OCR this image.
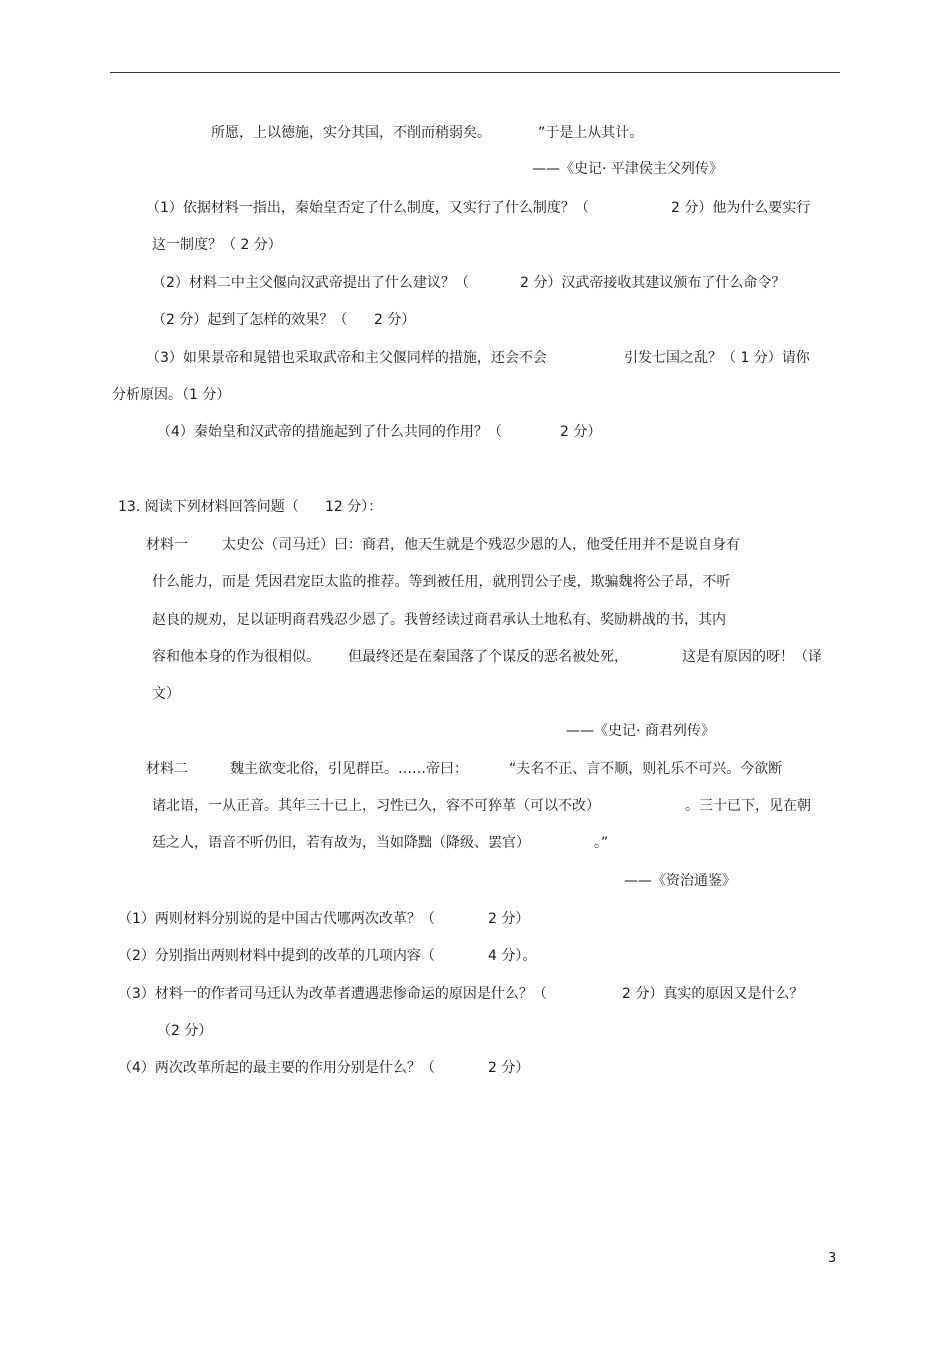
所愿，上以德施，实分其国，不削而稍弱矣。	”于是上从其计。
——《史记· 平津侯主父列传》
（1）依据材料一指出，秦始皇否定了什么制度，又实行了什么制度？（	2 分）他为什么要实行
这一制度？（ 2 分）
（2）材料二中主父偃向汉武帝提出了什么建议？（	2 分）汉武帝接收其建议颁布了什么命令？
（2 分）起到了怎样的效果？（ 2 分）
（3）如果景帝和晁错也采取武帝和主父偃同样的措施，还会不会	引发七国之乱？（ 1 分）请你
分析原因。（1 分）
（4）秦始皇和汉武帝的措施起到了什么共同的作用？（	2 分）
13. 阅读下列材料回答问题（ 12 分）：
材料一 太史公（司马迁）曰：商君，他天生就是个残忍少恩的人，他受任用并不是说自身有
什么能力，而是 凭因君宠臣太监的推荐。等到被任用，就刑罚公子虔，欺骗魏将公子昂，不听
赵良的规劝，足以证明商君残忍少恩了。我曾经读过商君承认土地私有、奖励耕战的书，其内
容和他本身的作为很相似。 但最终还是在秦国落了个谋反的恶名被处死，	这是有原因的呀！（译
文）
——《史记· 商君列传》
材料二	魏主欲变北俗，引见群臣。……帝曰：	“夫名不正、言不顺，则礼乐不可兴。今欲断
诸北语，一从正音。其年三十已上，习性已久，容不可猝革（可以不改）	。三十已下，见在朝
廷之人，语音不听仍旧，若有故为，当如降黜（降级、罢官）	。”
——《资治通鉴》
（1）两则材料分别说的是中国古代哪两次改革？（	2 分）
（2）分别指出两则材料中提到的改革的几项内容（	4 分）。
（3）材料一的作者司马迁认为改革者遭遇悲惨命运的原因是什么？（	2 分）真实的原因又是什么？
（2 分）
（4）两次改革所起的最主要的作用分别是什么？（	2 分）
3
